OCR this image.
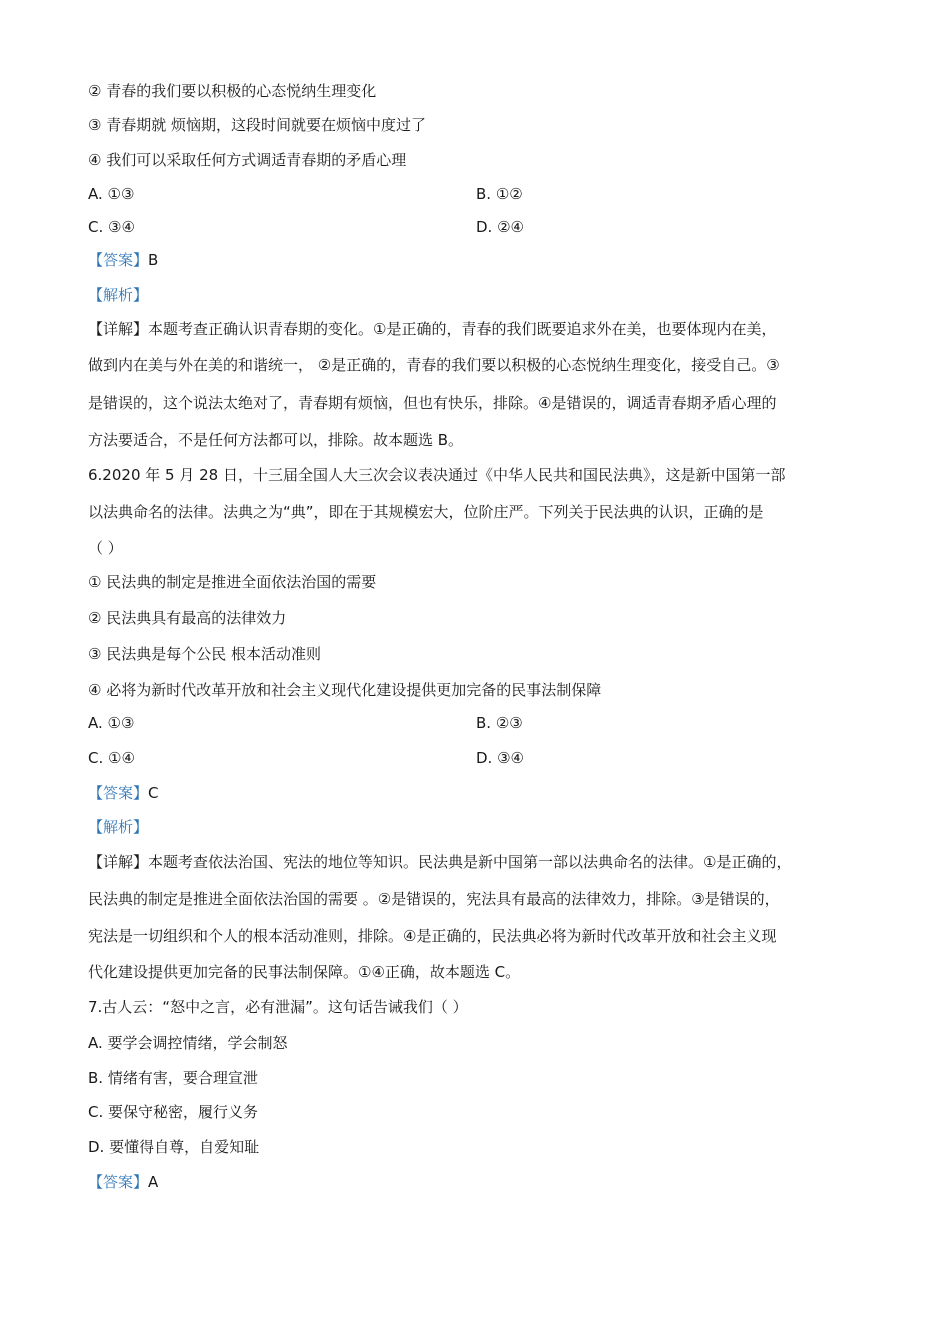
② 青春的我们要以积极的心态悦纳生理变化
③ 青春期就 烦恼期，这段时间就要在烦恼中度过了
④ 我们可以采取任何方式调适青春期的矛盾心理
A. ①③	B. ①②
C. ③④	D. ②④
【答案】B
【解析】
【详解】本题考查正确认识青春期的变化。①是正确的，青春的我们既要追求外在美，也要体现内在美，
做到内在美与外在美的和谐统一， ②是正确的，青春的我们要以积极的心态悦纳生理变化，接受自己。③
是错误的，这个说法太绝对了，青春期有烦恼，但也有快乐，排除。④是错误的，调适青春期矛盾心理的
方法要适合，不是任何方法都可以，排除。故本题选 B。
6.2020 年 5 月 28 日，十三届全国人大三次会议表决通过《中华人民共和国民法典》，这是新中国第一部
以法典命名的法律。法典之为“典”，即在于其规模宏大，位阶庄严。下列关于民法典的认识，正确的是
（ ）
① 民法典的制定是推进全面依法治国的需要
② 民法典具有最高的法律效力
③ 民法典是每个公民 根本活动准则
④ 必将为新时代改革开放和社会主义现代化建设提供更加完备的民事法制保障
A. ①③	B. ②③
C. ①④	D. ③④
【答案】C
【解析】
【详解】本题考查依法治国、宪法的地位等知识。民法典是新中国第一部以法典命名的法律。①是正确的，
民法典的制定是推进全面依法治国的需要 。②是错误的，宪法具有最高的法律效力，排除。③是错误的，
宪法是一切组织和个人的根本活动准则，排除。④是正确的，民法典必将为新时代改革开放和社会主义现
代化建设提供更加完备的民事法制保障。①④正确，故本题选 C。
7.古人云：“怒中之言，必有泄漏”。这句话告诫我们（ ）
A. 要学会调控情绪，学会制怒
B. 情绪有害，要合理宣泄
C. 要保守秘密，履行义务
D. 要懂得自尊，自爱知耻
【答案】A
